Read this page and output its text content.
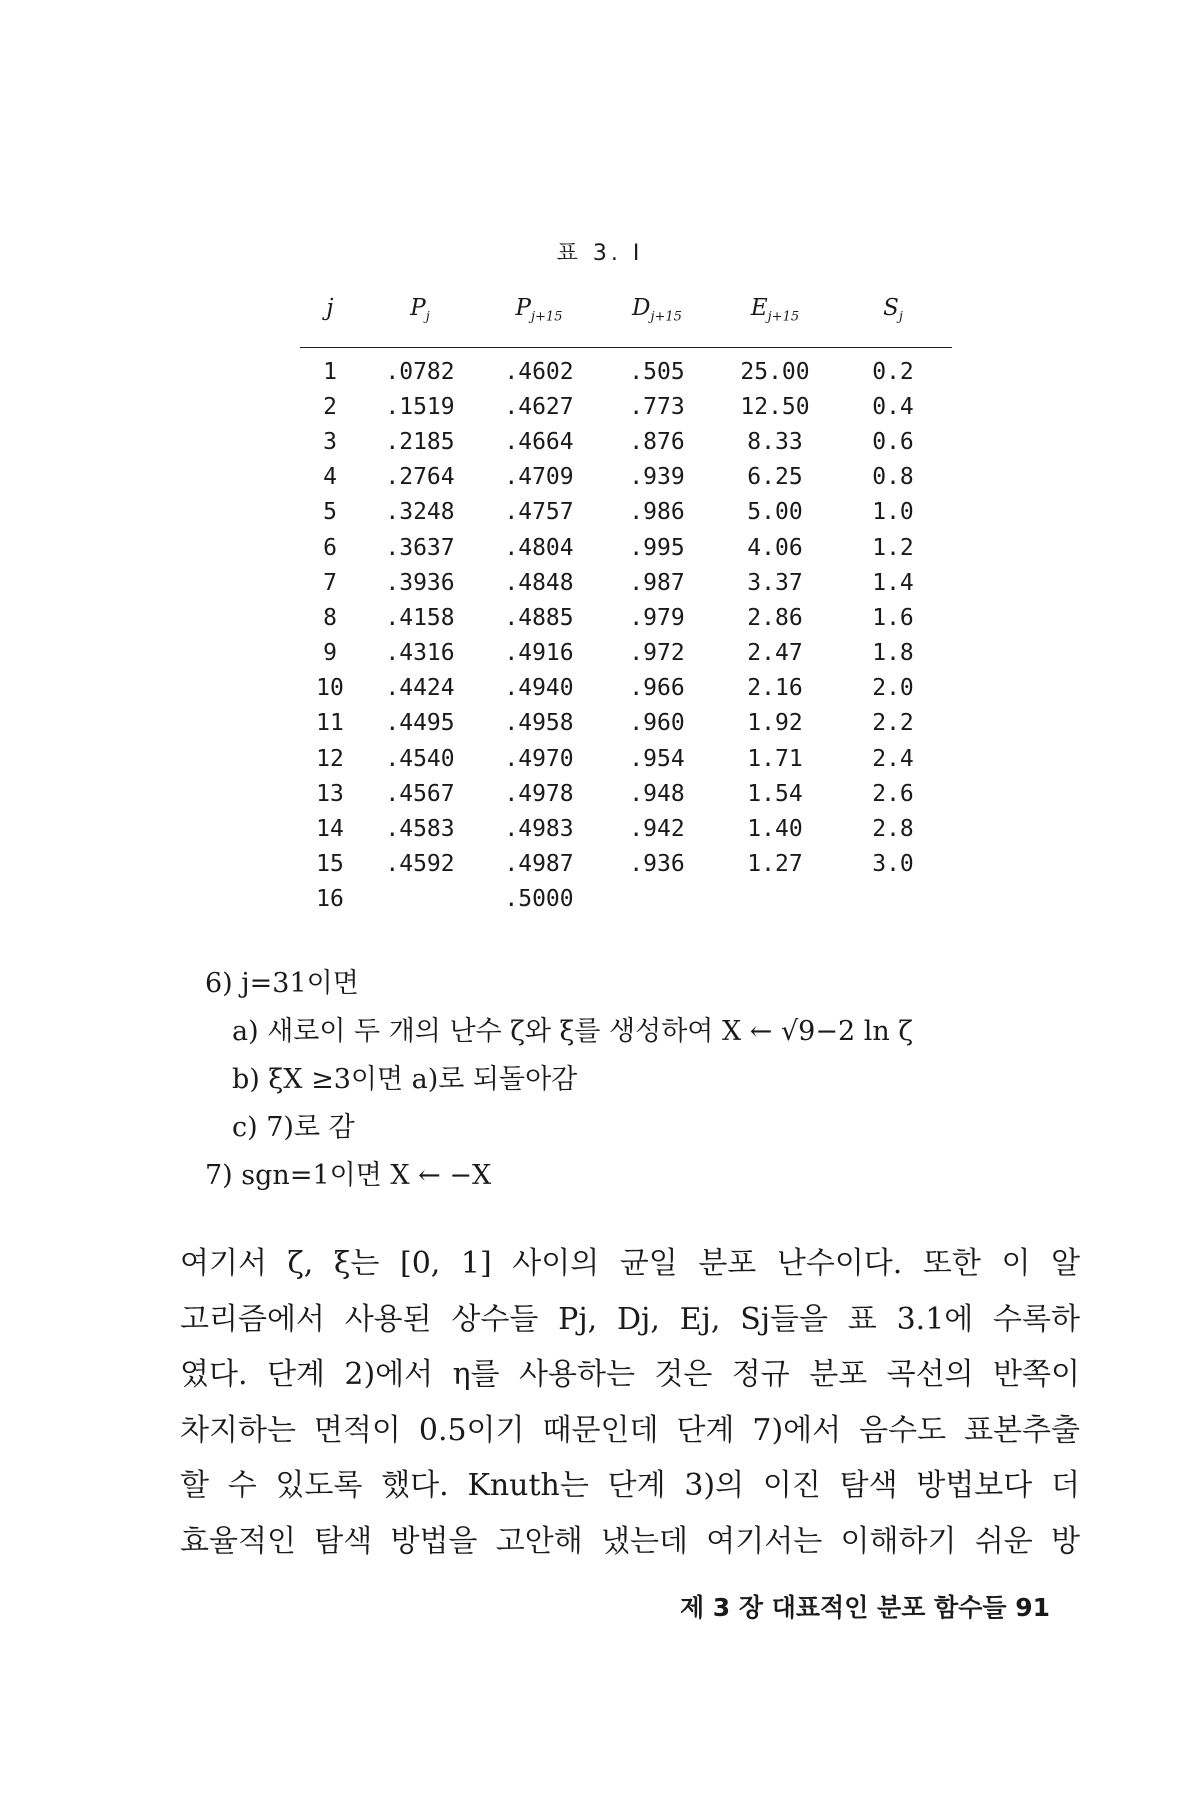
표 3. I
j	$P_j$	$P_{j+15}$	$D_{j+15}$	$E_{j+15}$	$S_j$
1	.0782	.4602	.505	25.00	0.2
2	.1519	.4627	.773	12.50	0.4
3	.2185	.4664	.876	8.33	0.6
4	.2764	.4709	.939	6.25	0.8
5	.3248	.4757	.986	5.00	1.0
6	.3637	.4804	.995	4.06	1.2
7	.3936	.4848	.987	3.37	1.4
8	.4158	.4885	.979	2.86	1.6
9	.4316	.4916	.972	2.47	1.8
10	.4424	.4940	.966	2.16	2.0
11	.4495	.4958	.960	1.92	2.2
12	.4540	.4970	.954	1.71	2.4
13	.4567	.4978	.948	1.54	2.6
14	.4583	.4983	.942	1.40	2.8
15	.4592	.4987	.936	1.27	3.0
16		.5000			
6) j=31이면
a) 새로이 두 개의 난수 ζ와 ξ를 생성하여 X ← √9−2 ln ζ
b) ξX ≥3이면 a)로 되돌아감
c) 7)로 감
7) sgn=1이면 X ← −X
여기서 ζ, ξ는 [0, 1] 사이의 균일 분포 난수이다. 또한 이 알
고리즘에서 사용된 상수들 Pj, Dj, Ej, Sj들을 표 3.1에 수록하
였다. 단계 2)에서 η를 사용하는 것은 정규 분포 곡선의 반쪽이
차지하는 면적이 0.5이기 때문인데 단계 7)에서 음수도 표본추출
할 수 있도록 했다. Knuth는 단계 3)의 이진 탐색 방법보다 더
효율적인 탐색 방법을 고안해 냈는데 여기서는 이해하기 쉬운 방
제 3 장 대표적인 분포 함수들 91
